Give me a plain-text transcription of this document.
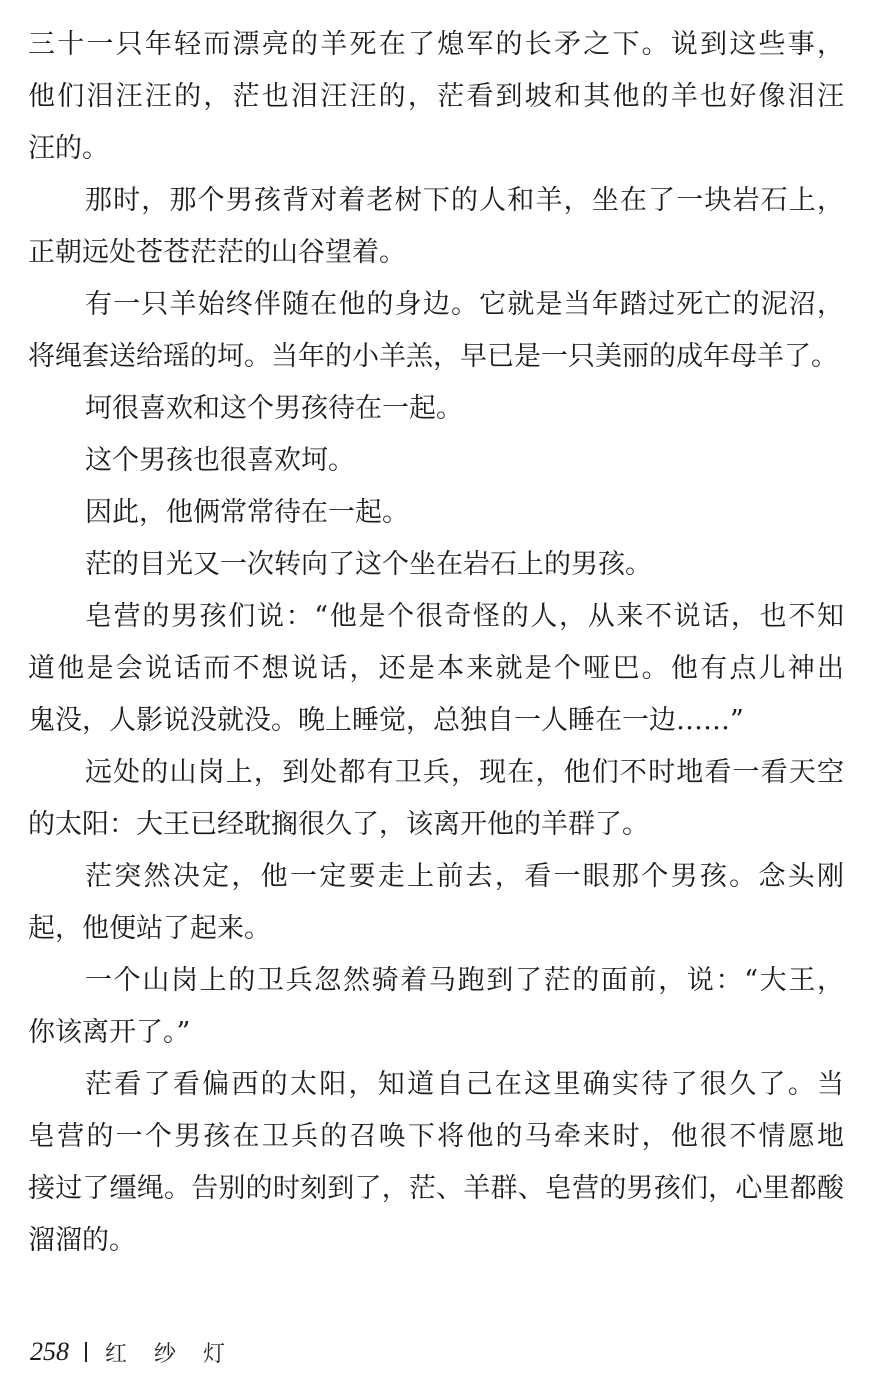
三十一只年轻而漂亮的羊死在了熄军的长矛之下。说到这些事，
他们泪汪汪的，茫也泪汪汪的，茫看到坡和其他的羊也好像泪汪
汪的。
那时，那个男孩背对着老树下的人和羊，坐在了一块岩石上，
正朝远处苍苍茫茫的山谷望着。
有一只羊始终伴随在他的身边。它就是当年踏过死亡的泥沼，
将绳套送给瑶的坷。当年的小羊羔，早已是一只美丽的成年母羊了。
坷很喜欢和这个男孩待在一起。
这个男孩也很喜欢坷。
因此，他俩常常待在一起。
茫的目光又一次转向了这个坐在岩石上的男孩。
皂营的男孩们说：“他是个很奇怪的人，从来不说话，也不知
道他是会说话而不想说话，还是本来就是个哑巴。他有点儿神出
鬼没，人影说没就没。晚上睡觉，总独自一人睡在一边……”
远处的山岗上，到处都有卫兵，现在，他们不时地看一看天空
的太阳：大王已经耽搁很久了，该离开他的羊群了。
茫突然决定，他一定要走上前去，看一眼那个男孩。念头刚
起，他便站了起来。
一个山岗上的卫兵忽然骑着马跑到了茫的面前，说：“大王，
你该离开了。”
茫看了看偏西的太阳，知道自己在这里确实待了很久了。当
皂营的一个男孩在卫兵的召唤下将他的马牵来时，他很不情愿地
接过了缰绳。告别的时刻到了，茫、羊群、皂营的男孩们，心里都酸
溜溜的。
258 红 纱 灯
